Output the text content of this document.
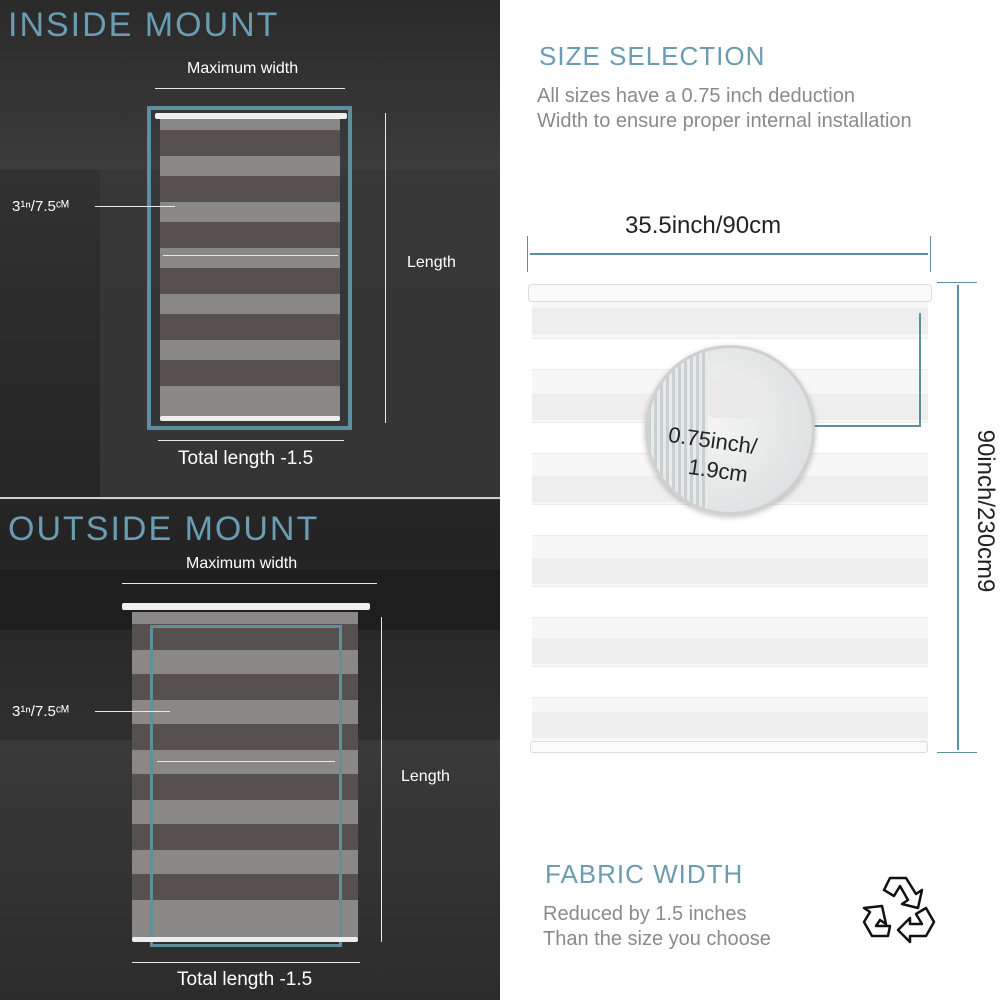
INSIDE MOUNT
Maximum width
3¹ⁿ/7.5ᶜᴹ
Length
Total length -1.5
OUTSIDE MOUNT
Maximum width
3¹ⁿ/7.5ᶜᴹ
Length
Total length -1.5
SIZE SELECTION
All sizes have a 0.75 inch deduction
Width to ensure proper internal installation
35.5inch/90cm
0.75inch/
1.9cm	90inch/230cm9
FABRIC WIDTH
Reduced by 1.5 inches
Than the size you choose
